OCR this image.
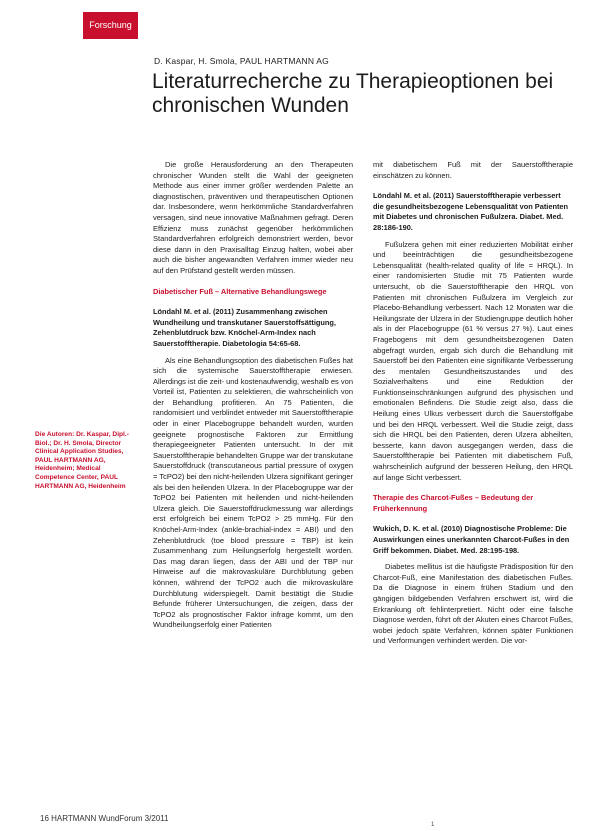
Forschung
D. Kaspar, H. Smola, PAUL HARTMANN AG
Literaturrecherche zu Therapieoptionen bei chronischen Wunden

Die große Herausforderung an den Therapeuten chronischer Wunden stellt die Wahl der geeigneten Methode aus einer immer größer werdenden Palette an diagnostischen, präventiven und therapeutischen Optionen dar. Insbesondere, wenn herkömmliche Standardverfahren versagen, sind neue innovative Maßnahmen gefragt. Deren Effizienz muss zunächst gegenüber herkömmlichen Standardverfahren erfolgreich demonstriert werden, bevor diese dann in den Praxisalltag Einzug halten, wobei aber auch die bisher angewandten Verfahren immer wieder neu auf den Prüfstand gestellt werden müssen.

Diabetischer Fuß – Alternative Behandlungswege
Löndahl M. et al. (2011) Zusammenhang zwischen Wundheilung und transkutaner Sauerstoffsättigung, Zehenblutdruck bzw. Knöchel-Arm-Index nach Sauerstofftherapie. Diabetologia 54:65-68.

Als eine Behandlungsoption des diabetischen Fußes hat sich die systemische Sauerstofftherapie erwiesen. Allerdings ist die zeit- und kostenaufwendig, weshalb es von Vorteil ist, Patienten zu selektieren, die wahrscheinlich von der Behandlung profitieren. An 75 Patienten, die randomisiert und verblindet entweder mit Sauerstofftherapie oder in einer Placebogruppe behandelt wurden, wurden geeignete prognostische Faktoren zur Ermittlung therapiegeeigneter Patienten untersucht. In der mit Sauerstofftherapie behandelten Gruppe war der transkutane Sauerstoffdruck (transcutaneous partial pressure of oxygen = TcPO2) bei den nicht-heilenden Ulzera signifikant geringer als bei den heilenden Ulzera. In der Placebogruppe war der TcPO2 bei Patienten mit heilenden und nicht-heilenden Ulzera gleich. Die Sauerstoffdruckmessung war allerdings erst erfolgreich bei einem TcPO2 > 25 mmHg. Für den Knöchel-Arm-Index (ankle-brachial-index = ABI) und den Zehenblutdruck (toe blood pressure = TBP) ist kein Zusammenhang zum Heilungserfolg hergestellt worden. Das mag daran liegen, dass der ABI und der TBP nur Hinweise auf die makrovaskuläre Durchblutung geben können, während der TcPO2 auch die mikrovaskuläre Durchblutung widerspiegelt. Damit bestätigt die Studie Befunde früherer Untersuchungen, die zeigen, dass der TcPO2 als prognostischer Faktor infrage kommt, um den Wundheilungserfolg einer Patienten

mit diabetischem Fuß mit der Sauerstofftherapie einschätzen zu können.

Löndahl M. et al. (2011) Sauerstofftherapie verbessert die gesundheitsbezogene Lebensqualität von Patienten mit Diabetes und chronischen Fußulzera. Diabet. Med. 28:186-190.

Fußulzera gehen mit einer reduzierten Mobilität einher und beeinträchtigen die gesundheitsbezogene Lebensqualität (health-related quality of life = HRQL). In einer randomisierten Studie mit 75 Patienten wurde untersucht, ob die Sauerstofftherapie den HRQL von Patienten mit chronischen Fußulzera im Vergleich zur Placebo-Behandlung verbessert. Nach 12 Monaten war die Heilungsrate der Ulzera in der Studiengruppe deutlich höher als in der Placebogruppe (61 % versus 27 %). Laut eines Fragebogens mit dem gesundheitsbezogenen Daten abgefragt wurden, ergab sich durch die Behandlung mit Sauerstoff bei den Patienten eine signifikante Verbesserung des mentalen Gesundheitszustandes und des Sozialverhaltens und eine Reduktion der Funktionseinschränkungen aufgrund des physischen und emotionalen Befindens. Die Studie zeigt also, dass die Heilung eines Ulkus verbessert durch die Sauerstoffgabe und bei den HRQL verbessert. Weil die Studie zeigt, dass sich die HRQL bei den Patienten, deren Ulzera abheilten, besserte, kann davon ausgegangen werden, dass die Sauerstofftherapie bei Patienten mit diabetischem Fuß, wahrscheinlich aufgrund der besseren Heilung, den HRQL auf lange Sicht verbessert.

Therapie des Charcot-Fußes – Bedeutung der Früherkennung
Wukich, D. K. et al. (2010) Diagnostische Probleme: Die Auswirkungen eines unerkannten Charcot-Fußes in den Griff bekommen. Diabet. Med. 28:195-198.

Diabetes mellitus ist die häufigste Prädisposition für den Charcot-Fuß, eine Manifestation des diabetischen Fußes. Da die Diagnose in einem frühen Stadium und den gängigen bildgebenden Verfahren erschwert ist, wird die Erkrankung oft fehlinterpretiert. Nicht oder eine falsche Diagnose werden, führt oft der Akuten eines Charcot Fußes, wobei jedoch späte Verfahren, können später Funktionen und Verformungen verhindert werden. Die vor-

Die Autoren: Dr. Kaspar, Dipl.-Biol.; Dr. H. Smola, Director Clinical Application Studies, PAUL HARTMANN AG, Heidenheim; Medical Competence Center, PAUL HARTMANN AG, Heidenheim

16 HARTMANN WundForum 3/2011
1
